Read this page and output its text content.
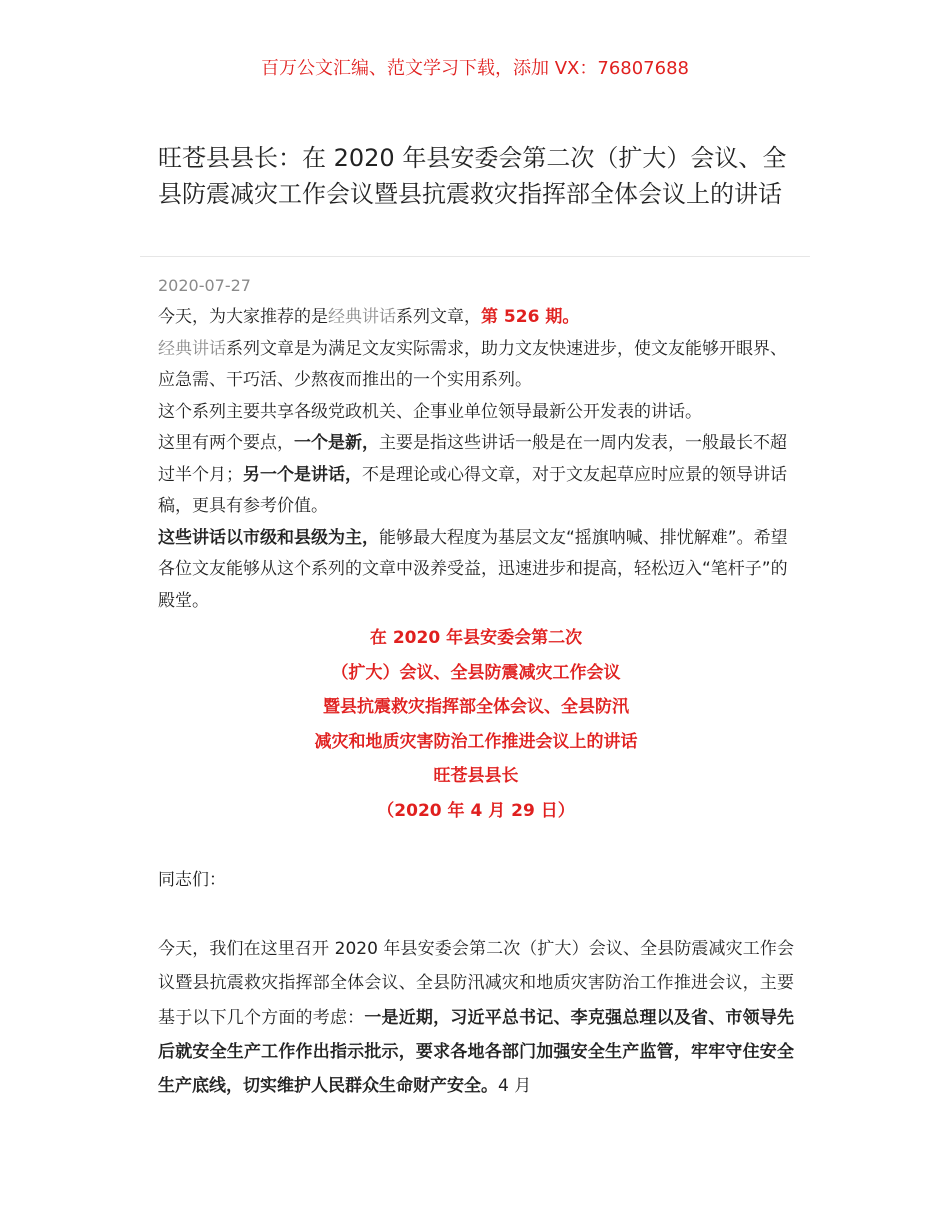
百万公文汇编、范文学习下载，添加 VX：76807688
旺苍县县长：在 2020 年县安委会第二次（扩大）会议、全县防震减灾工作会议暨县抗震救灾指挥部全体会议上的讲话
2020-07-27

今天，为大家推荐的是经典讲话系列文章，第 526 期。

经典讲话系列文章是为满足文友实际需求，助力文友快速进步，使文友能够开眼界、应急需、干巧活、少熬夜而推出的一个实用系列。

这个系列主要共享各级党政机关、企事业单位领导最新公开发表的讲话。

这里有两个要点，一个是新，主要是指这些讲话一般是在一周内发表，一般最长不超过半个月；另一个是讲话，不是理论或心得文章，对于文友起草应时应景的领导讲话稿，更具有参考价值。

这些讲话以市级和县级为主，能够最大程度为基层文友“摇旗呐喊、排忧解难”。希望各位文友能够从这个系列的文章中汲养受益，迅速进步和提高，轻松迈入“笔杆子”的殿堂。

在 2020 年县安委会第二次
（扩大）会议、全县防震减灾工作会议
暨县抗震救灾指挥部全体会议、全县防汛
减灾和地质灾害防治工作推进会议上的讲话
旺苍县县长
（2020 年 4 月 29 日）
同志们：

今天，我们在这里召开 2020 年县安委会第二次（扩大）会议、全县防震减灾工作会议暨县抗震救灾指挥部全体会议、全县防汛减灾和地质灾害防治工作推进会议，主要基于以下几个方面的考虑：一是近期，习近平总书记、李克强总理以及省、市领导先后就安全生产工作作出指示批示，要求各地各部门加强安全生产监管，牢牢守住安全生产底线，切实维护人民群众生命财产安全。4 月
